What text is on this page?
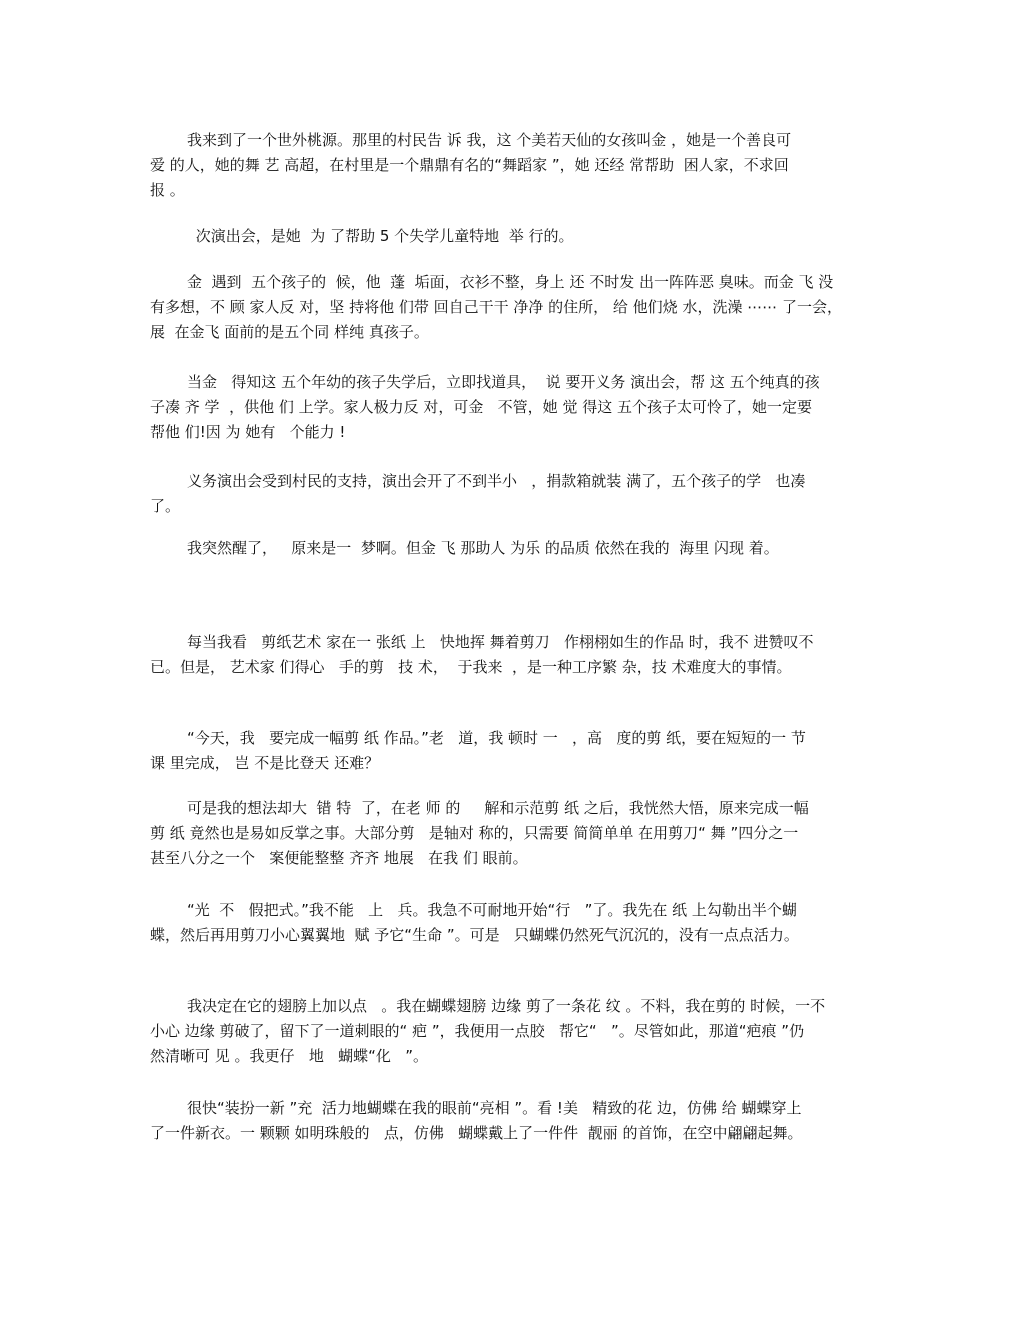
我来到了一个世外桃源。那里的村民告 诉 我，这 个美若天仙的女孩叫金 ，她是一个善良可
爱 的人，她的舞 艺 高超，在村里是一个鼎鼎有名的“舞蹈家 ”，她 还经 常帮助  困人家，不求回
报 。
次演出会，是她  为 了帮助 5 个失学儿童特地  举 行的。
金  遇到  五个孩子的  候，他  蓬  垢面，衣衫不整，身上 还 不时发 出一阵阵恶 臭味。而金 飞 没
有多想，不 顾 家人反 对，坚 持将他 们带 回自己干干 净净 的住所， 给 他们烧 水，洗澡 ⋯⋯ 了一会，
展  在金飞 面前的是五个同 样纯 真孩子。
当金   得知这 五个年幼的孩子失学后，立即找道具，  说 要开义务 演出会，帮 这 五个纯真的孩
子凑 齐 学  ，供他 们 上学。家人极力反 对，可金   不管，她 觉 得这 五个孩子太可怜了，她一定要
帮他 们!因 为 她有   个能力 !
义务演出会受到村民的支持，演出会开了不到半小   ，捐款箱就装 满了，五个孩子的学   也凑
了。
我突然醒了，   原来是一  梦啊。但金 飞 那助人 为乐 的品质 依然在我的  海里 闪现 着。
每当我看   剪纸艺术 家在一 张纸 上   快地挥 舞着剪刀   作栩栩如生的作品 时，我不 进赞叹不
已。但是， 艺术家 们得心   手的剪   技 术，  于我来  ，是一种工序繁 杂，技 术难度大的事情。
“今天，我   要完成一幅剪 纸 作品。”老   道，我 顿时 一   ，高   度的剪 纸，要在短短的一 节
课 里完成， 岂 不是比登天 还难？
可是我的想法却大  错 特  了，在老 师 的     解和示范剪 纸 之后，我恍然大悟，原来完成一幅
剪 纸 竟然也是易如反掌之事。大部分剪   是轴对 称的，只需要 简简单单 在用剪刀“ 舞 ”四分之一
甚至八分之一个   案便能整整 齐齐 地展   在我 们 眼前。
“光  不   假把式。”我不能   上   兵。我急不可耐地开始“行   ”了。我先在 纸 上勾勒出半个蝴
蝶，然后再用剪刀小心翼翼地  赋 予它“生命 ”。可是   只蝴蝶仍然死气沉沉的，没有一点点活力。
我决定在它的翅膀上加以点   。我在蝴蝶翅膀 边缘 剪了一条花 纹 。不料，我在剪的 时候，一不
小心 边缘 剪破了，留下了一道刺眼的“ 疤 ”，我便用一点胶   帮它“   ”。尽管如此，那道“疤痕 ”仍
然清晰可 见 。我更仔   地   蝴蝶“化   ”。
很快“装扮一新 ”充  活力地蝴蝶在我的眼前“亮相 ”。看 !美   精致的花 边，仿佛 给 蝴蝶穿上
了一件新衣。一 颗颗 如明珠般的   点，仿佛   蝴蝶戴上了一件件  靓丽 的首饰，在空中翩翩起舞。
